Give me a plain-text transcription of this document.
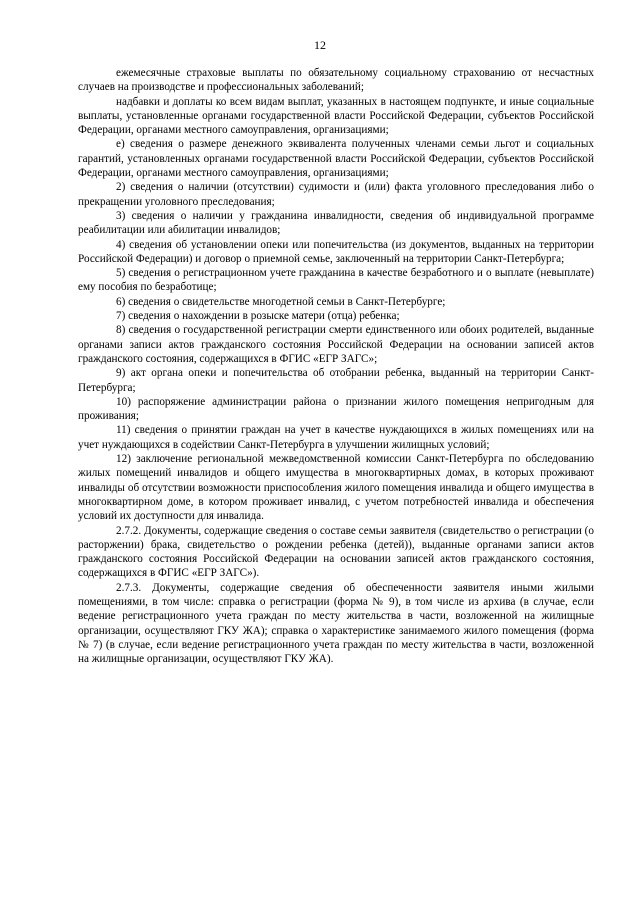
12

ежемесячные страховые выплаты по обязательному социальному страхованию от несчастных случаев на производстве и профессиональных заболеваний;

надбавки и доплаты ко всем видам выплат, указанных в настоящем подпункте, и иные социальные выплаты, установленные органами государственной власти Российской Федерации, субъектов Российской Федерации, органами местного самоуправления, организациями;

е) сведения о размере денежного эквивалента полученных членами семьи льгот и социальных гарантий, установленных органами государственной власти Российской Федерации, субъектов Российской Федерации, органами местного самоуправления, организациями;

2) сведения о наличии (отсутствии) судимости и (или) факта уголовного преследования либо о прекращении уголовного преследования;

3) сведения о наличии у гражданина инвалидности, сведения об индивидуальной программе реабилитации или абилитации инвалидов;

4) сведения об установлении опеки или попечительства (из документов, выданных на территории Российской Федерации) и договор о приемной семье, заключенный на территории Санкт-Петербурга;

5) сведения о регистрационном учете гражданина в качестве безработного и о выплате (невыплате) ему пособия по безработице;

6) сведения о свидетельстве многодетной семьи в Санкт-Петербурге;

7) сведения о нахождении в розыске матери (отца) ребенка;

8) сведения о государственной регистрации смерти единственного или обоих родителей, выданные органами записи актов гражданского состояния Российской Федерации на основании записей актов гражданского состояния, содержащихся в ФГИС «ЕГР ЗАГС»;

9) акт органа опеки и попечительства об отобрании ребенка, выданный на территории Санкт-Петербурга;

10) распоряжение администрации района о признании жилого помещения непригодным для проживания;

11) сведения о принятии граждан на учет в качестве нуждающихся в жилых помещениях или на учет нуждающихся в содействии Санкт-Петербурга в улучшении жилищных условий;

12) заключение региональной межведомственной комиссии Санкт-Петербурга по обследованию жилых помещений инвалидов и общего имущества в многоквартирных домах, в которых проживают инвалиды об отсутствии возможности приспособления жилого помещения инвалида и общего имущества в многоквартирном доме, в котором проживает инвалид, с учетом потребностей инвалида и обеспечения условий их доступности для инвалида.

2.7.2. Документы, содержащие сведения о составе семьи заявителя (свидетельство о регистрации (о расторжении) брака, свидетельство о рождении ребенка (детей)), выданные органами записи актов гражданского состояния Российской Федерации на основании записей актов гражданского состояния, содержащихся в ФГИС «ЕГР ЗАГС»).

2.7.3. Документы, содержащие сведения об обеспеченности заявителя иными жилыми помещениями, в том числе: справка о регистрации (форма № 9), в том числе из архива (в случае, если ведение регистрационного учета граждан по месту жительства в части, возложенной на жилищные организации, осуществляют ГКУ ЖА); справка о характеристике занимаемого жилого помещения (форма № 7) (в случае, если ведение регистрационного учета граждан по месту жительства в части, возложенной на жилищные организации, осуществляют ГКУ ЖА).
